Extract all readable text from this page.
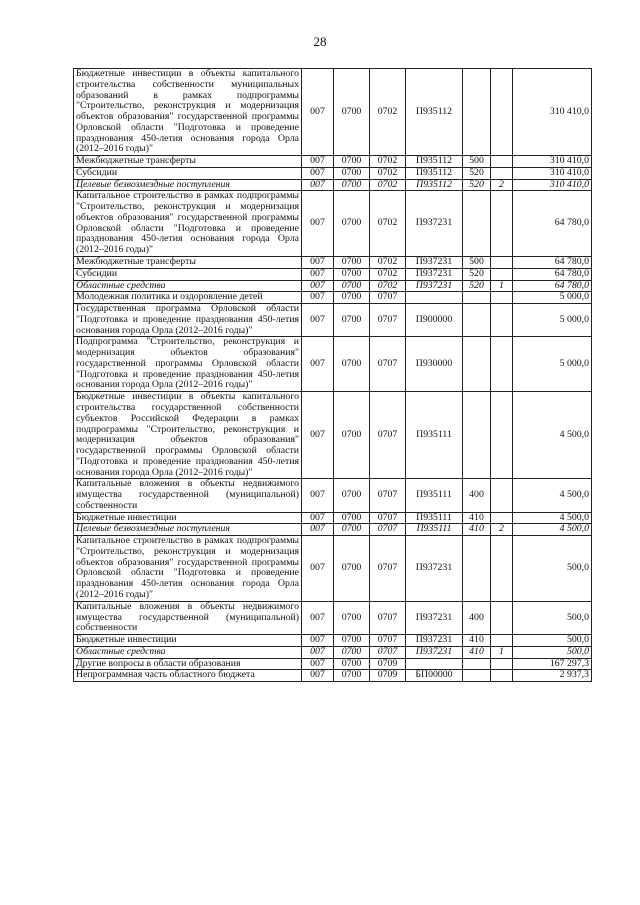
28
Бюджетные инвестиции в объекты капитального строительства собственности муниципальных образований в рамках подпрограммы "Строительство, реконструкция и модернизация объектов образования" государственной программы Орловской области "Подготовка и проведение празднования 450-летия основания города Орла (2012–2016 годы)"	007	0700	0702	П935112			310 410,0
Межбюджетные трансферты	007	0700	0702	П935112	500		310 410,0
Субсидии	007	0700	0702	П935112	520		310 410,0
Целевые безвозмездные поступления	007	0700	0702	П935112	520	2	310 410,0
Капитальное строительство в рамках подпрограммы "Строительство, реконструкция и модернизация объектов образования" государственной программы Орловской области "Подготовка и проведение празднования 450-летия основания города Орла (2012–2016 годы)"	007	0700	0702	П937231			64 780,0
Межбюджетные трансферты	007	0700	0702	П937231	500		64 780,0
Субсидии	007	0700	0702	П937231	520		64 780,0
Областные средства	007	0700	0702	П937231	520	1	64 780,0
Молодежная политика и оздоровление детей	007	0700	0707				5 000,0
Государственная программа Орловской области "Подготовка и проведение празднования 450-летия основания города Орла (2012–2016 годы)"	007	0700	0707	П900000			5 000,0
Подпрограмма "Строительство, реконструкция и модернизация объектов образования" государственной программы Орловской области "Подготовка и проведение празднования 450-летия основания города Орла (2012–2016 годы)"	007	0700	0707	П930000			5 000,0
Бюджетные инвестиции в объекты капитального строительства государственной собственности субъектов Российской Федерации в рамках подпрограммы "Строительство, реконструкция и модернизация объектов образования" государственной программы Орловской области "Подготовка и проведение празднования 450-летия основания города Орла (2012–2016 годы)"	007	0700	0707	П935111			4 500,0
Капитальные вложения в объекты недвижимого имущества государственной (муниципальной) собственности	007	0700	0707	П935111	400		4 500,0
Бюджетные инвестиции	007	0700	0707	П935111	410		4 500,0
Целевые безвозмездные поступления	007	0700	0707	П935111	410	2	4 500,0
Капитальное строительство в рамках подпрограммы "Строительство, реконструкция и модернизация объектов образования" государственной программы Орловской области "Подготовка и проведение празднования 450-летия основания города Орла (2012–2016 годы)"	007	0700	0707	П937231			500,0
Капитальные вложения в объекты недвижимого имущества государственной (муниципальной) собственности	007	0700	0707	П937231	400		500,0
Бюджетные инвестиции	007	0700	0707	П937231	410		500,0
Областные средства	007	0700	0707	П937231	410	1	500,0
Другие вопросы в области образования	007	0700	0709				167 297,3
Непрограммная часть областного бюджета	007	0700	0709	БП00000			2 937,3
